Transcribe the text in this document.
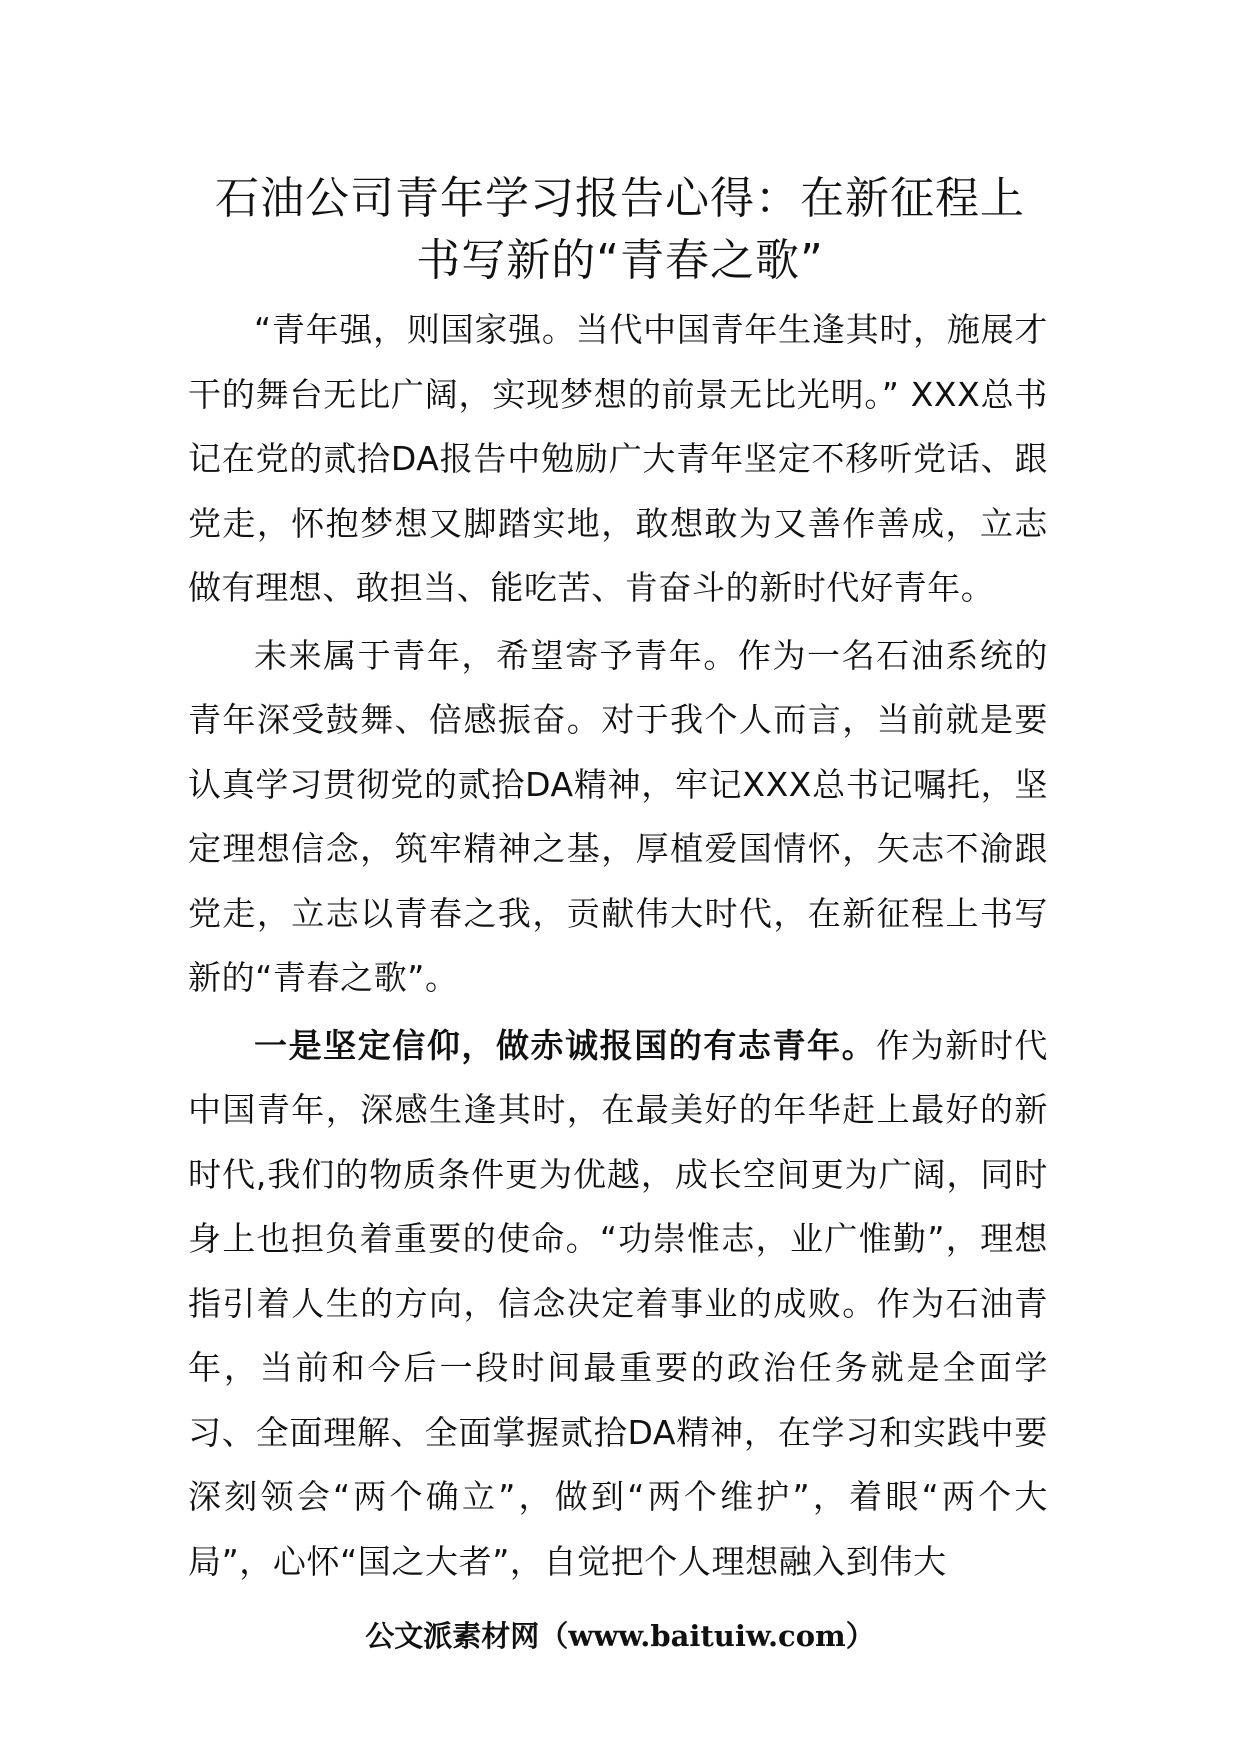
石油公司青年学习报告心得：在新征程上
书写新的“青春之歌”

“青年强，则国家强。当代中国青年生逢其时，施展才干的舞台无比广阔，实现梦想的前景无比光明。” XXX总书记在党的贰拾DA报告中勉励广大青年坚定不移听党话、跟党走，怀抱梦想又脚踏实地，敢想敢为又善作善成，立志做有理想、敢担当、能吃苦、肯奋斗的新时代好青年。

未来属于青年，希望寄予青年。作为一名石油系统的青年深受鼓舞、倍感振奋。对于我个人而言，当前就是要认真学习贯彻党的贰拾DA精神，牢记XXX总书记嘱托，坚定理想信念，筑牢精神之基，厚植爱国情怀，矢志不渝跟党走，立志以青春之我，贡献伟大时代，在新征程上书写新的“青春之歌”。

一是坚定信仰，做赤诚报国的有志青年。作为新时代中国青年，深感生逢其时，在最美好的年华赶上最好的新时代,我们的物质条件更为优越，成长空间更为广阔，同时身上也担负着重要的使命。“功崇惟志，业广惟勤”，理想指引着人生的方向，信念决定着事业的成败。作为石油青年，当前和今后一段时间最重要的政治任务就是全面学习、全面理解、全面掌握贰拾DA精神，在学习和实践中要深刻领会“两个确立”，做到“两个维护”，着眼“两个大局”，心怀“国之大者”，自觉把个人理想融入到伟大

公文派素材网（www.baituiw.com）
